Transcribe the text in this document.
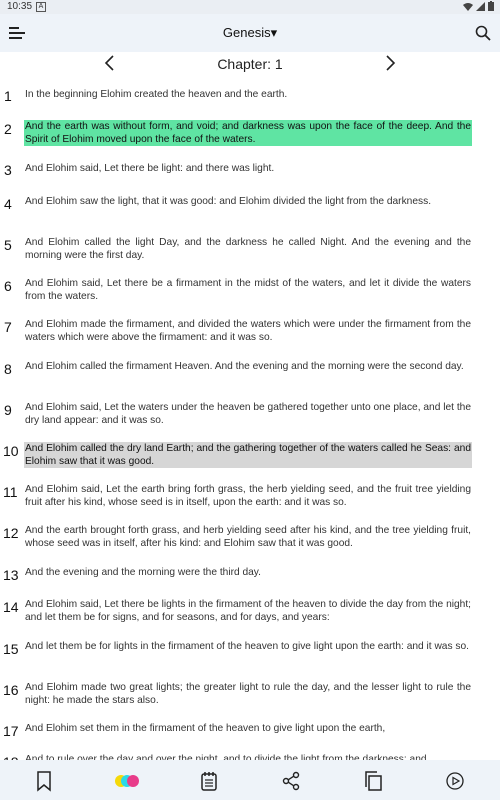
10:35 A
Genesis▾
Chapter: 1
1 In the beginning Elohim created the heaven and the earth.
2 And the earth was without form, and void; and darkness was upon the face of the deep. And the Spirit of Elohim moved upon the face of the waters.
3 And Elohim said, Let there be light: and there was light.
4 And Elohim saw the light, that it was good: and Elohim divided the light from the darkness.
5 And Elohim called the light Day, and the darkness he called Night. And the evening and the morning were the first day.
6 And Elohim said, Let there be a firmament in the midst of the waters, and let it divide the waters from the waters.
7 And Elohim made the firmament, and divided the waters which were under the firmament from the waters which were above the firmament: and it was so.
8 And Elohim called the firmament Heaven. And the evening and the morning were the second day.
9 And Elohim said, Let the waters under the heaven be gathered together unto one place, and let the dry land appear: and it was so.
10 And Elohim called the dry land Earth; and the gathering together of the waters called he Seas: and Elohim saw that it was good.
11 And Elohim said, Let the earth bring forth grass, the herb yielding seed, and the fruit tree yielding fruit after his kind, whose seed is in itself, upon the earth: and it was so.
12 And the earth brought forth grass, and herb yielding seed after his kind, and the tree yielding fruit, whose seed was in itself, after his kind: and Elohim saw that it was good.
13 And the evening and the morning were the third day.
14 And Elohim said, Let there be lights in the firmament of the heaven to divide the day from the night; and let them be for signs, and for seasons, and for days, and years:
15 And let them be for lights in the firmament of the heaven to give light upon the earth: and it was so.
16 And Elohim made two great lights; the greater light to rule the day, and the lesser light to rule the night: he made the stars also.
17 And Elohim set them in the firmament of the heaven to give light upon the earth,
